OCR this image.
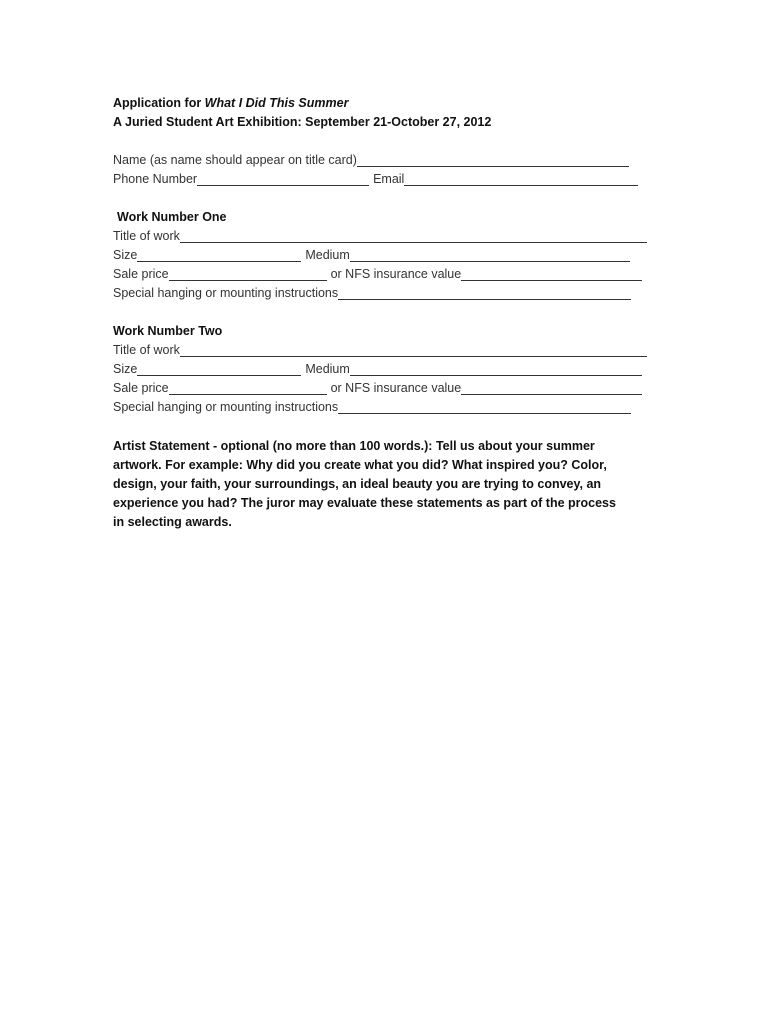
Application for What I Did This Summer
A Juried Student Art Exhibition: September 21-October 27, 2012
Name (as name should appear on title card)
Phone Number	Email
Work Number One
Title of work
Size	Medium
Sale price	or NFS insurance value
Special hanging or mounting instructions
Work Number Two
Title of work
Size	Medium
Sale price	or NFS insurance value
Special hanging or mounting instructions
Artist Statement - optional (no more than 100 words.): Tell us about your summer
artwork. For example: Why did you create what you did? What inspired you? Color,
design, your faith, your surroundings, an ideal beauty you are trying to convey, an
experience you had? The juror may evaluate these statements as part of the process
in selecting awards.
